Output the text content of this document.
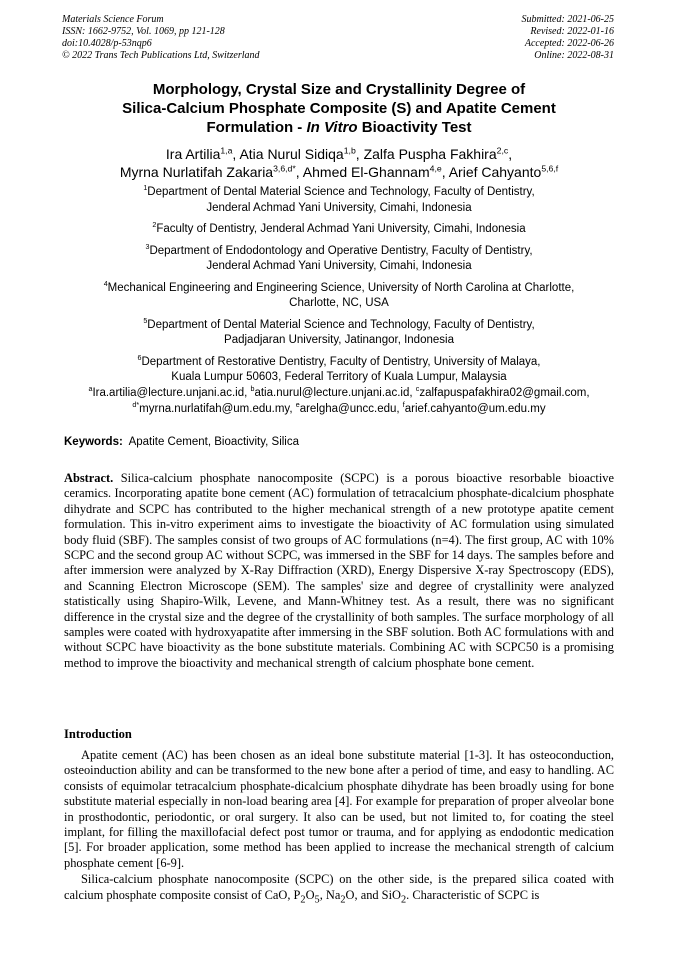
Materials Science Forum
ISSN: 1662-9752, Vol. 1069, pp 121-128
doi:10.4028/p-53nqp6
© 2022 Trans Tech Publications Ltd, Switzerland
Submitted: 2021-06-25
Revised: 2022-01-16
Accepted: 2022-06-26
Online: 2022-08-31
Morphology, Crystal Size and Crystallinity Degree of
Silica-Calcium Phosphate Composite (S) and Apatite Cement
Formulation - In Vitro Bioactivity Test
Ira Artilia$^{1,a}$, Atia Nurul Sidiqa$^{1,b}$, Zalfa Puspha Fakhira$^{2,c}$,
Myrna Nurlatifah Zakaria$^{3,6,d*}$, Ahmed El-Ghannam$^{4,e}$, Arief Cahyanto$^{5,6,f}$
$^1$Department of Dental Material Science and Technology, Faculty of Dentistry,
Jenderal Achmad Yani University, Cimahi, Indonesia
$^2$Faculty of Dentistry, Jenderal Achmad Yani University, Cimahi, Indonesia
$^3$Department of Endodontology and Operative Dentistry, Faculty of Dentistry,
Jenderal Achmad Yani University, Cimahi, Indonesia
$^4$Mechanical Engineering and Engineering Science, University of North Carolina at Charlotte,
Charlotte, NC, USA
$^5$Department of Dental Material Science and Technology, Faculty of Dentistry,
Padjadjaran University, Jatinangor, Indonesia
$^6$Department of Restorative Dentistry, Faculty of Dentistry, University of Malaya,
Kuala Lumpur 50603, Federal Territory of Kuala Lumpur, Malaysia
$^a$Ira.artilia@lecture.unjani.ac.id, $^b$atia.nurul@lecture.unjani.ac.id, $^c$zalfapuspafakhira02@gmail.com,
$^{d*}$myrna.nurlatifah@um.edu.my, $^e$arelgha@uncc.edu, $^f$arief.cahyanto@um.edu.my
Keywords: Apatite Cement, Bioactivity, Silica

Abstract. Silica-calcium phosphate nanocomposite (SCPC) is a porous bioactive resorbable bioactive ceramics. Incorporating apatite bone cement (AC) formulation of tetracalcium phosphate-dicalcium phosphate dihydrate and SCPC has contributed to the higher mechanical strength of a new prototype apatite cement formulation. This in-vitro experiment aims to investigate the bioactivity of AC formulation using simulated body fluid (SBF). The samples consist of two groups of AC formulations (n=4). The first group, AC with 10% SCPC and the second group AC without SCPC, was immersed in the SBF for 14 days. The samples before and after immersion were analyzed by X-Ray Diffraction (XRD), Energy Dispersive X-ray Spectroscopy (EDS), and Scanning Electron Microscope (SEM). The samples' size and degree of crystallinity were analyzed statistically using Shapiro-Wilk, Levene, and Mann-Whitney test. As a result, there was no significant difference in the crystal size and the degree of the crystallinity of both samples. The surface morphology of all samples were coated with hydroxyapatite after immersing in the SBF solution. Both AC formulations with and without SCPC have bioactivity as the bone substitute materials. Combining AC with SCPC50 is a promising method to improve the bioactivity and mechanical strength of calcium phosphate bone cement.

Introduction

Apatite cement (AC) has been chosen as an ideal bone substitute material [1-3]. It has osteoconduction, osteoinduction ability and can be transformed to the new bone after a period of time, and easy to handling. AC consists of equimolar tetracalcium phosphate-dicalcium phosphate dihydrate has been broadly using for bone substitute material especially in non-load bearing area [4]. For example for preparation of proper alveolar bone in prosthodontic, periodontic, or oral surgery. It also can be used, but not limited to, for coating the steel implant, for filling the maxillofacial defect post tumor or trauma, and for applying as endodontic medication [5]. For broader application, some method has been applied to increase the mechanical strength of calcium phosphate cement [6-9].

Silica-calcium phosphate nanocomposite (SCPC) on the other side, is the prepared silica coated with calcium phosphate composite consist of CaO, $P_2O_5$, $Na_2O$, and SiO$_2$. Characteristic of SCPC is
